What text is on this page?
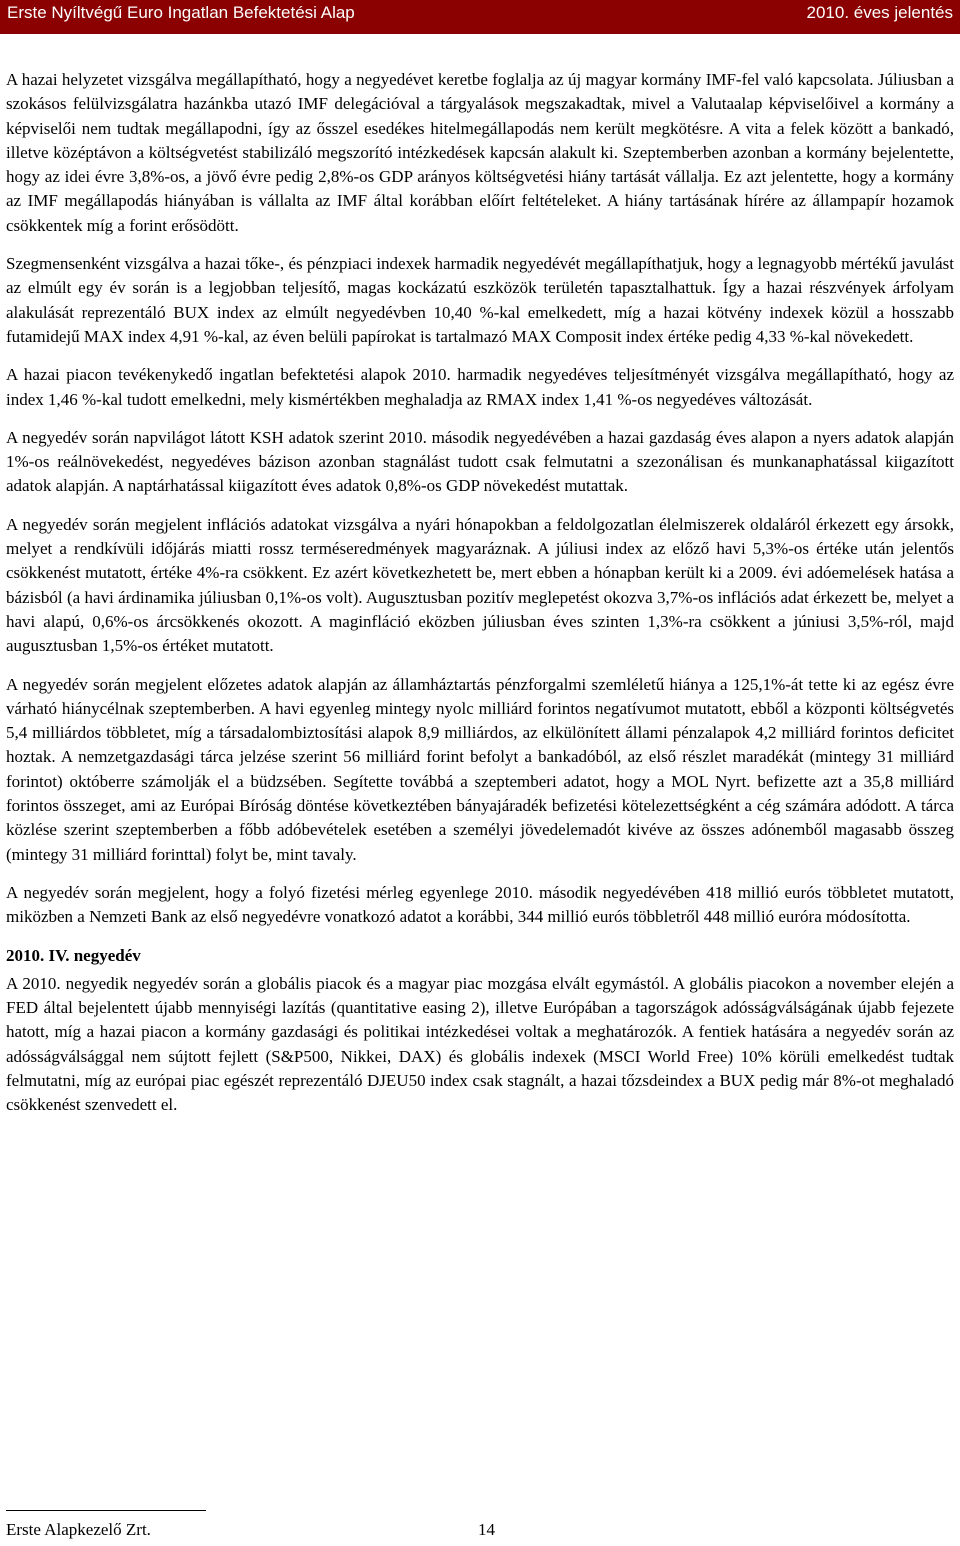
Erste Nyíltvégű Euro Ingatlan Befektetési Alap	2010. éves jelentés

A hazai helyzetet vizsgálva megállapítható, hogy a negyedévet keretbe foglalja az új magyar kormány IMF-fel való kapcsolata. Júliusban a szokásos felülvizsgálatra hazánkba utazó IMF delegációval a tárgyalások megszakadtak, mivel a Valutaalap képviselőivel a kormány a képviselői nem tudtak megállapodni, így az ősszel esedékes hitelmegállapodás nem került megkötésre. A vita a felek között a bankadó, illetve középtávon a költségvetést stabilizáló megszorító intézkedések kapcsán alakult ki. Szeptemberben azonban a kormány bejelentette, hogy az idei évre 3,8%-os, a jövő évre pedig 2,8%-os GDP arányos költségvetési hiány tartását vállalja. Ez azt jelentette, hogy a kormány az IMF megállapodás hiányában is vállalta az IMF által korábban előírt feltételeket. A hiány tartásának hírére az állampapír hozamok csökkentek míg a forint erősödött.

Szegmensenként vizsgálva a hazai tőke-, és pénzpiaci indexek harmadik negyedévét megállapíthatjuk, hogy a legnagyobb mértékű javulást az elmúlt egy év során is a legjobban teljesítő, magas kockázatú eszközök területén tapasztalhattuk. Így a hazai részvények árfolyam alakulását reprezentáló BUX index az elmúlt negyedévben 10,40 %-kal emelkedett, míg a hazai kötvény indexek közül a hosszabb futamidejű MAX index 4,91 %-kal, az éven belüli papírokat is tartalmazó MAX Composit index értéke pedig 4,33 %-kal növekedett.

A hazai piacon tevékenykedő ingatlan befektetési alapok 2010. harmadik negyedéves teljesítményét vizsgálva megállapítható, hogy az index 1,46 %-kal tudott emelkedni, mely kismértékben meghaladja az RMAX index 1,41 %-os negyedéves változását.

A negyedév során napvilágot látott KSH adatok szerint 2010. második negyedévében a hazai gazdaság éves alapon a nyers adatok alapján 1%-os reálnövekedést, negyedéves bázison azonban stagnálást tudott csak felmutatni a szezonálisan és munkanaphatással kiigazított adatok alapján. A naptárhatással kiigazított éves adatok 0,8%-os GDP növekedést mutattak.

A negyedév során megjelent inflációs adatokat vizsgálva a nyári hónapokban a feldolgozatlan élelmiszerek oldaláról érkezett egy ársokk, melyet a rendkívüli időjárás miatti rossz terméseredmények magyaráznak. A júliusi index az előző havi 5,3%-os értéke után jelentős csökkenést mutatott, értéke 4%-ra csökkent. Ez azért következhetett be, mert ebben a hónapban került ki a 2009. évi adóemelések hatása a bázisból (a havi árdinamika júliusban 0,1%-os volt). Augusztusban pozitív meglepetést okozva 3,7%-os inflációs adat érkezett be, melyet a havi alapú, 0,6%-os árcsökkenés okozott. A maginfláció eközben júliusban éves szinten 1,3%-ra csökkent a júniusi 3,5%-ról, majd augusztusban 1,5%-os értéket mutatott.

A negyedév során megjelent előzetes adatok alapján az államháztartás pénzforgalmi szemléletű hiánya a 125,1%-át tette ki az egész évre várható hiánycélnak szeptemberben. A havi egyenleg mintegy nyolc milliárd forintos negatívumot mutatott, ebből a központi költségvetés 5,4 milliárdos többletet, míg a társadalombiztosítási alapok 8,9 milliárdos, az elkülönített állami pénzalapok 4,2 milliárd forintos deficitet hoztak. A nemzetgazdasági tárca jelzése szerint 56 milliárd forint befolyt a bankadóból, az első részlet maradékát (mintegy 31 milliárd forintot) októberre számolják el a büdzsében. Segítette továbbá a szeptemberi adatot, hogy a MOL Nyrt. befizette azt a 35,8 milliárd forintos összeget, ami az Európai Bíróság döntése következtében bányajáradék befizetési kötelezettségként a cég számára adódott. A tárca közlése szerint szeptemberben a főbb adóbevételek esetében a személyi jövedelemadót kivéve az összes adónemből magasabb összeg (mintegy 31 milliárd forinttal) folyt be, mint tavaly.

A negyedév során megjelent, hogy a folyó fizetési mérleg egyenlege 2010. második negyedévében 418 millió eurós többletet mutatott, miközben a Nemzeti Bank az első negyedévre vonatkozó adatot a korábbi, 344 millió eurós többletről 448 millió euróra módosította.

2010. IV. negyedév

A 2010. negyedik negyedév során a globális piacok és a magyar piac mozgása elvált egymástól. A globális piacokon a november elején a FED által bejelentett újabb mennyiségi lazítás (quantitative easing 2), illetve Európában a tagországok adósságválságának újabb fejezete hatott, míg a hazai piacon a kormány gazdasági és politikai intézkedései voltak a meghatározók. A fentiek hatására a negyedév során az adósságválsággal nem sújtott fejlett (S&P500, Nikkei, DAX) és globális indexek (MSCI World Free) 10% körüli emelkedést tudtak felmutatni, míg az európai piac egészét reprezentáló DJEU50 index csak stagnált, a hazai tőzsdeindex a BUX pedig már 8%-ot meghaladó csökkenést szenvedett el.

Erste Alapkezelő Zrt.	14
